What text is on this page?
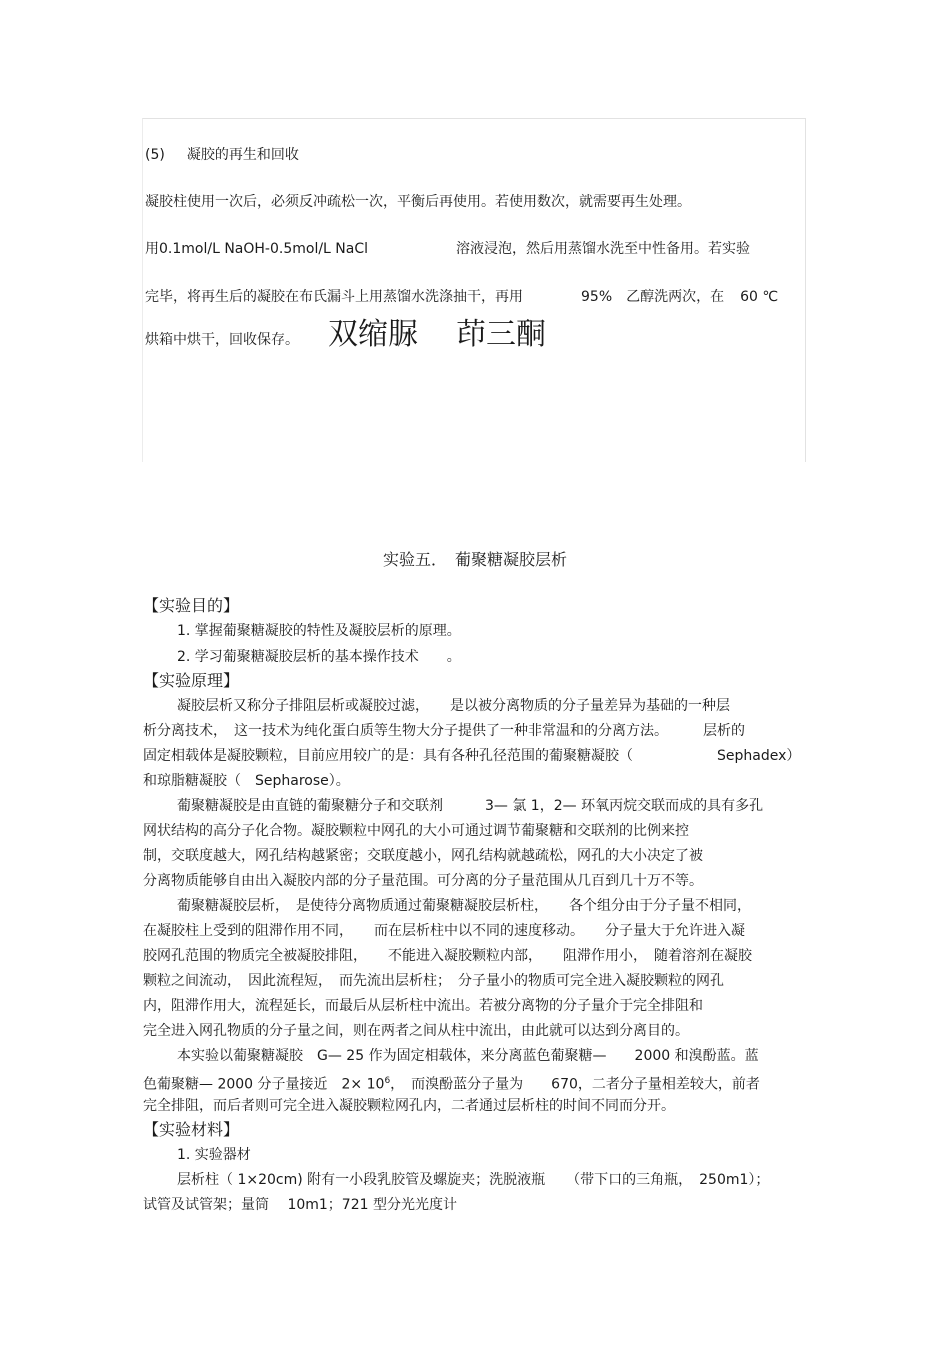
(5) 凝胶的再生和回收
凝胶柱使用一次后，必须反冲疏松一次，平衡后再使用。若使用数次，就需要再生处理。
用0.1mol/L NaOH-0.5mol/L NaCl	溶液浸泡，然后用蒸馏水洗至中性备用。若实验
完毕，将再生后的凝胶在布氏漏斗上用蒸馏水洗涤抽干，再用	95% 乙醇洗两次，在 60 ℃
烘箱中烘干，回收保存。 双缩脲 茚三酮
实验五．　葡聚糖凝胶层析
【实验目的】
1. 掌握葡聚糖凝胶的特性及凝胶层析的原理。
2. 学习葡聚糖凝胶层析的基本操作技术　　。
【实验原理】
凝胶层析又称分子排阻层析或凝胶过滤，　　是以被分离物质的分子量差异为基础的一种层
析分离技术，　这一技术为纯化蛋白质等生物大分子提供了一种非常温和的分离方法。　　　层析的
固定相载体是凝胶颗粒，目前应用较广的是：具有各种孔径范围的葡聚糖凝胶（　　　　　　Sephadex）
和琼脂糖凝胶（　Sepharose）。
葡聚糖凝胶是由直链的葡聚糖分子和交联剂　　　3— 氯 1，2— 环氧丙烷交联而成的具有多孔
网状结构的高分子化合物。凝胶颗粒中网孔的大小可通过调节葡聚糖和交联剂的比例来控
制，交联度越大，网孔结构越紧密；交联度越小，网孔结构就越疏松，网孔的大小决定了被
分离物质能够自由出入凝胶内部的分子量范围。可分离的分子量范围从几百到几十万不等。
葡聚糖凝胶层析，　是使待分离物质通过葡聚糖凝胶层析柱，　　各个组分由于分子量不相同，
在凝胶柱上受到的阻滞作用不同，　　而在层析柱中以不同的速度移动。　　分子量大于允许进入凝
胶网孔范围的物质完全被凝胶排阻，　　不能进入凝胶颗粒内部，　　阻滞作用小，　随着溶剂在凝胶
颗粒之间流动，　因此流程短，　而先流出层析柱；　分子量小的物质可完全进入凝胶颗粒的网孔
内，阻滞作用大，流程延长，而最后从层析柱中流出。若被分离物的分子量介于完全排阻和
完全进入网孔物质的分子量之间，则在两者之间从柱中流出，由此就可以达到分离目的。
本实验以葡聚糖凝胶　G— 25 作为固定相载体，来分离蓝色葡聚糖—　　2000 和溴酚蓝。蓝
色葡聚糖— 2000 分子量接近　$2\times 10^6$，　而溴酚蓝分子量为　　670，二者分子量相差较大，前者
完全排阻，而后者则可完全进入凝胶颗粒网孔内，二者通过层析柱的时间不同而分开。
【实验材料】
1. 实验器材
层析柱（ 1×20cm) 附有一小段乳胶管及螺旋夹；洗脱液瓶　　（带下口的三角瓶，　250m1）；
试管及试管架；量筒　 10m1；721 型分光光度计
